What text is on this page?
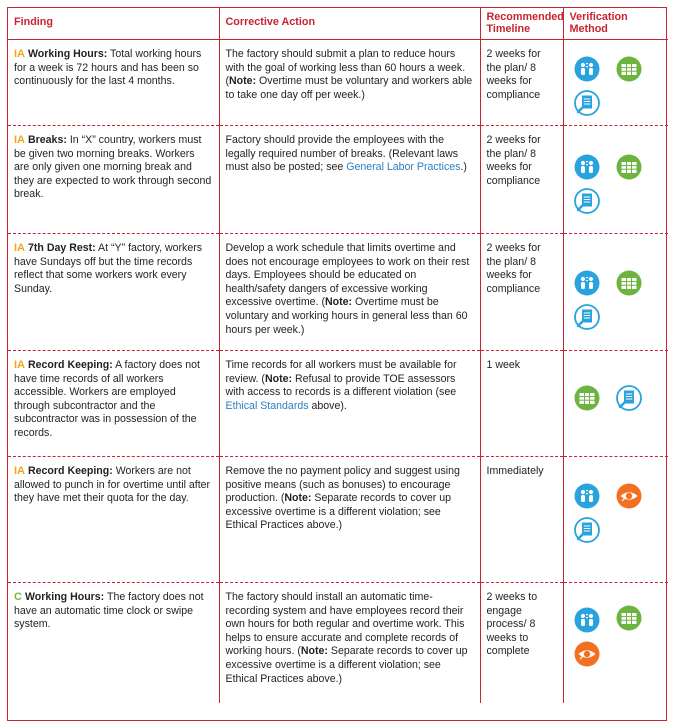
Finding	Corrective Action	Recommended Timeline	Verification Method

IA Working Hours: Total working hours for a week is 72 hours and has been so continuously for the last 4 months.	The factory should submit a plan to reduce hours with the goal of working less than 60 hours a week. (Note: Overtime must be voluntary and workers able to take one day off per week.)	2 weeks for the plan/ 8 weeks for compliance

IA Breaks: In “X” country, workers must be given two morning breaks. Workers are only given one morning break and they are expected to work through second break.	Factory should provide the employees with the legally required number of breaks. (Relevant laws must also be posted; see General Labor Practices.)	2 weeks for the plan/ 8 weeks for compliance

IA 7th Day Rest: At “Y” factory, workers have Sundays off but the time records reflect that some workers work every Sunday.	Develop a work schedule that limits overtime and does not encourage employees to work on their rest days. Employees should be educated on health/safety dangers of excessive working excessive overtime. (Note: Overtime must be voluntary and working hours in general less than 60 hours per week.)	2 weeks for the plan/ 8 weeks for compliance

IA Record Keeping: A factory does not have time records of all workers accessible. Workers are employed through subcontractor and the subcontractor was in possession of the records.	Time records for all workers must be available for review. (Note: Refusal to provide TOE assessors with access to records is a different violation (see Ethical Standards above).	1 week

IA Record Keeping: Workers are not allowed to punch in for overtime until after they have met their quota for the day.	Remove the no payment policy and suggest using positive means (such as bonuses) to encourage production. (Note: Separate records to cover up excessive overtime is a different violation; see Ethical Practices above.)	Immediately

C Working Hours: The factory does not have an automatic time clock or swipe system.	The factory should install an automatic time-recording system and have employees record their own hours for both regular and overtime work. This helps to ensure accurate and complete records of working hours. (Note: Separate records to cover up excessive overtime is a different violation; see Ethical Practices above.)	2 weeks to engage process/ 8 weeks to complete
